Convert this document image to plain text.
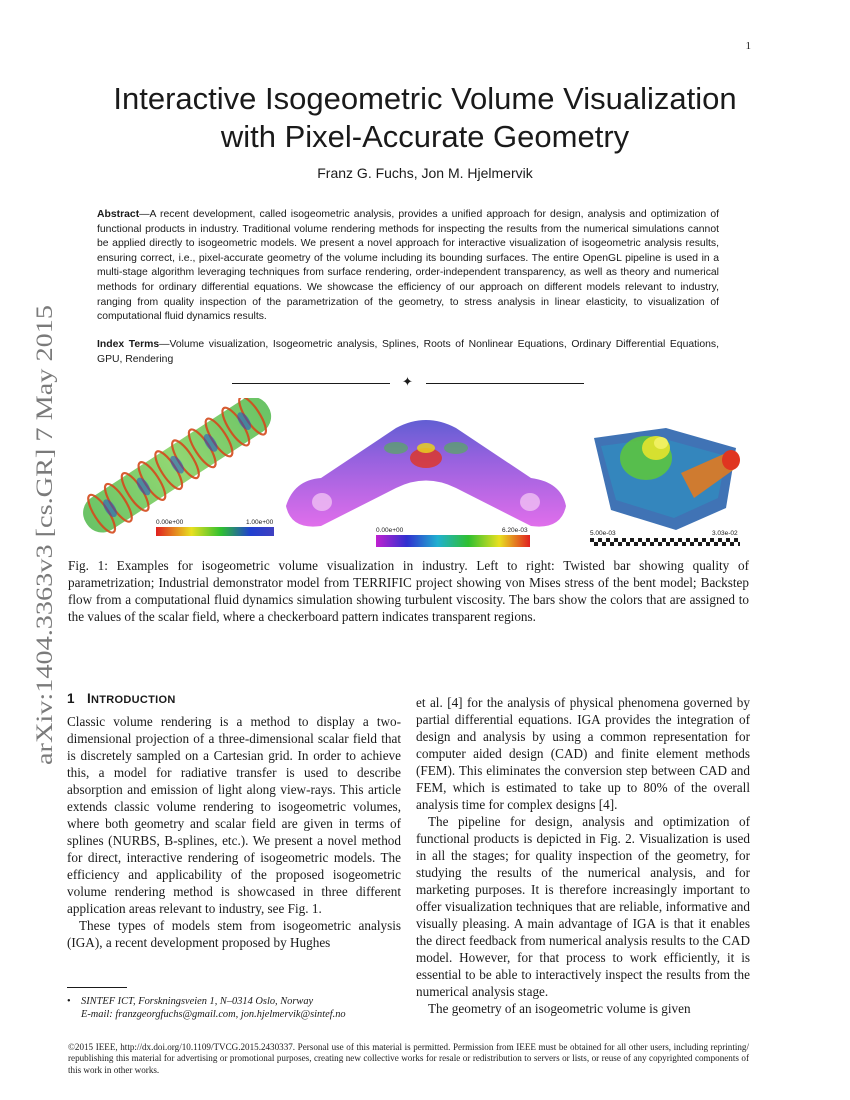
1
arXiv:1404.3363v3 [cs.GR] 7 May 2015
Interactive Isogeometric Volume Visualization
with Pixel-Accurate Geometry
Franz G. Fuchs, Jon M. Hjelmervik

Abstract—A recent development, called isogeometric analysis, provides a unified approach for design, analysis and optimization of functional products in industry. Traditional volume rendering methods for inspecting the results from the numerical simulations cannot be applied directly to isogeometric models. We present a novel approach for interactive visualization of isogeometric analysis results, ensuring correct, i.e., pixel-accurate geometry of the volume including its bounding surfaces. The entire OpenGL pipeline is used in a multi-stage algorithm leveraging techniques from surface rendering, order-independent transparency, as well as theory and numerical methods for ordinary differential equations. We showcase the efficiency of our approach on different models relevant to industry, ranging from quality inspection of the parametrization of the geometry, to stress analysis in linear elasticity, to visualization of computational fluid dynamics results.

Index Terms—Volume visualization, Isogeometric analysis, Splines, Roots of Nonlinear Equations, Ordinary Differential Equations, GPU, Rendering

✦
0.00e+00	1.00e+00
0.00e+00	6.20e-03	5.00e-03	3.03e-02

Fig. 1: Examples for isogeometric volume visualization in industry. Left to right: Twisted bar showing quality of parametrization; Industrial demonstrator model from TERRIFIC project showing von Mises stress of the bent model; Backstep flow from a computational fluid dynamics simulation showing turbulent viscosity. The bars show the colors that are assigned to the values of the scalar field, where a checkerboard pattern indicates transparent regions.

1 INTRODUCTION

Classic volume rendering is a method to display a two-dimensional projection of a three-dimensional scalar field that is discretely sampled on a Cartesian grid. In order to achieve this, a model for radiative transfer is used to describe absorption and emission of light along view-rays. This article extends classic volume rendering to isogeometric volumes, where both geometry and scalar field are given in terms of splines (NURBS, B-splines, etc.). We present a novel method for direct, interactive rendering of isogeometric models. The efficiency and applicability of the proposed isogeometric volume rendering method is showcased in three different application areas relevant to industry, see Fig. 1.

These types of models stem from isogeometric analysis (IGA), a recent development proposed by Hughes

et al. [4] for the analysis of physical phenomena governed by partial differential equations. IGA provides the integration of design and analysis by using a common representation for computer aided design (CAD) and finite element methods (FEM). This eliminates the conversion step between CAD and FEM, which is estimated to take up to 80% of the overall analysis time for complex designs [4].

The pipeline for design, analysis and optimization of functional products is depicted in Fig. 2. Visualization is used in all the stages; for quality inspection of the geometry, for studying the results of the numerical analysis, and for marketing purposes. It is therefore increasingly important to offer visualization techniques that are reliable, informative and visually pleasing. A main advantage of IGA is that it enables the direct feedback from numerical analysis results to the CAD model. However, for that process to work efficiently, it is essential to be able to interactively inspect the results from the numerical analysis stage.

The geometry of an isogeometric volume is given

• SINTEF ICT, Forskningsveien 1, N–0314 Oslo, Norway
E-mail: franzgeorgfuchs@gmail.com, jon.hjelmervik@sintef.no
©2015 IEEE, http://dx.doi.org/10.1109/TVCG.2015.2430337. Personal use of this material is permitted. Permission from IEEE must be obtained for all other users, including reprinting/ republishing this material for advertising or promotional purposes, creating new collective works for resale or redistribution to servers or lists, or reuse of any copyrighted components of this work in other works.
